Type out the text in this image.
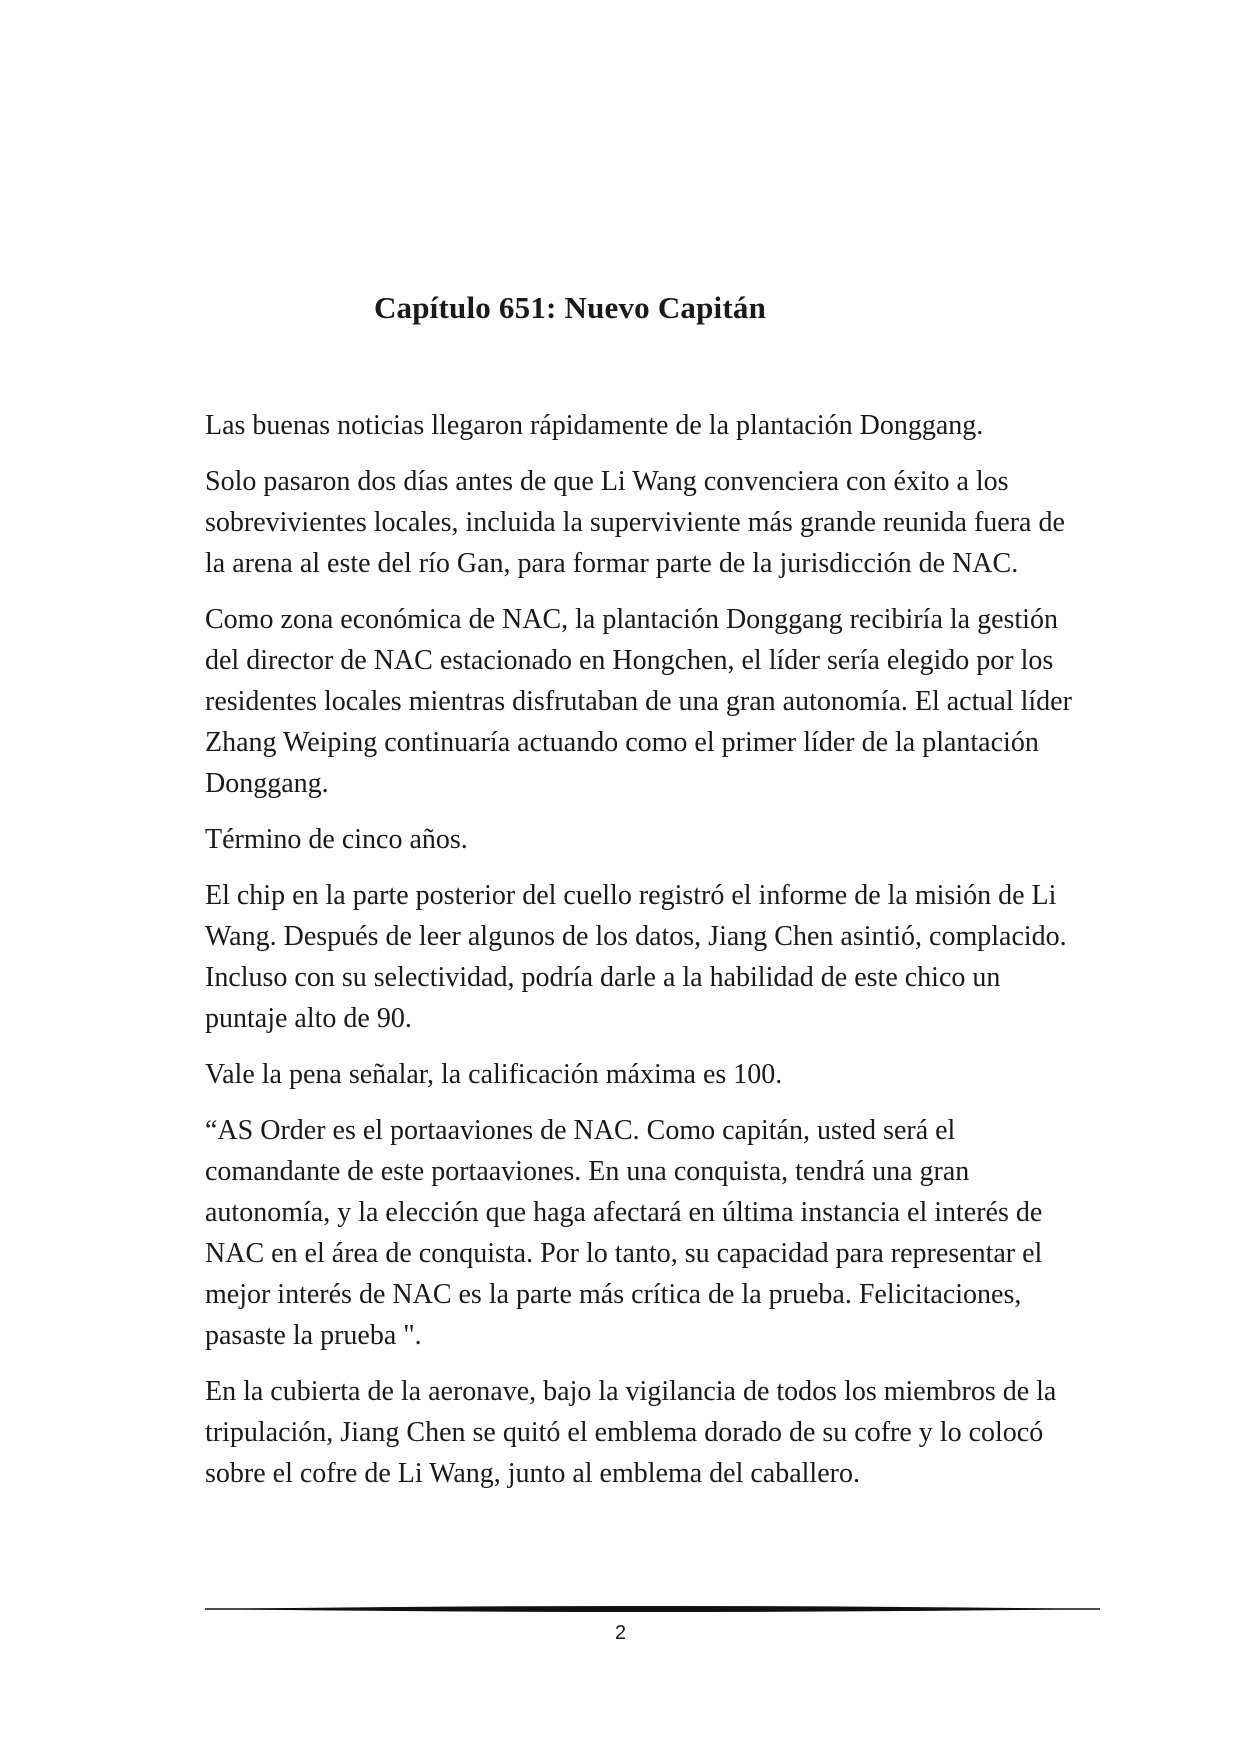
Capítulo 651: Nuevo Capitán

Las buenas noticias llegaron rápidamente de la plantación Donggang.

Solo pasaron dos días antes de que Li Wang convenciera con éxito a los sobrevivientes locales, incluida la superviviente más grande reunida fuera de la arena al este del río Gan, para formar parte de la jurisdicción de NAC.

Como zona económica de NAC, la plantación Donggang recibiría la gestión del director de NAC estacionado en Hongchen, el líder sería elegido por los residentes locales mientras disfrutaban de una gran autonomía. El actual líder Zhang Weiping continuaría actuando como el primer líder de la plantación Donggang.

Término de cinco años.

El chip en la parte posterior del cuello registró el informe de la misión de Li Wang. Después de leer algunos de los datos, Jiang Chen asintió, complacido. Incluso con su selectividad, podría darle a la habilidad de este chico un puntaje alto de 90.

Vale la pena señalar, la calificación máxima es 100.

“AS Order es el portaaviones de NAC. Como capitán, usted será el comandante de este portaaviones. En una conquista, tendrá una gran autonomía, y la elección que haga afectará en última instancia el interés de NAC en el área de conquista. Por lo tanto, su capacidad para representar el mejor interés de NAC es la parte más crítica de la prueba. Felicitaciones, pasaste la prueba ".

En la cubierta de la aeronave, bajo la vigilancia de todos los miembros de la tripulación, Jiang Chen se quitó el emblema dorado de su cofre y lo colocó sobre el cofre de Li Wang, junto al emblema del caballero.

2
